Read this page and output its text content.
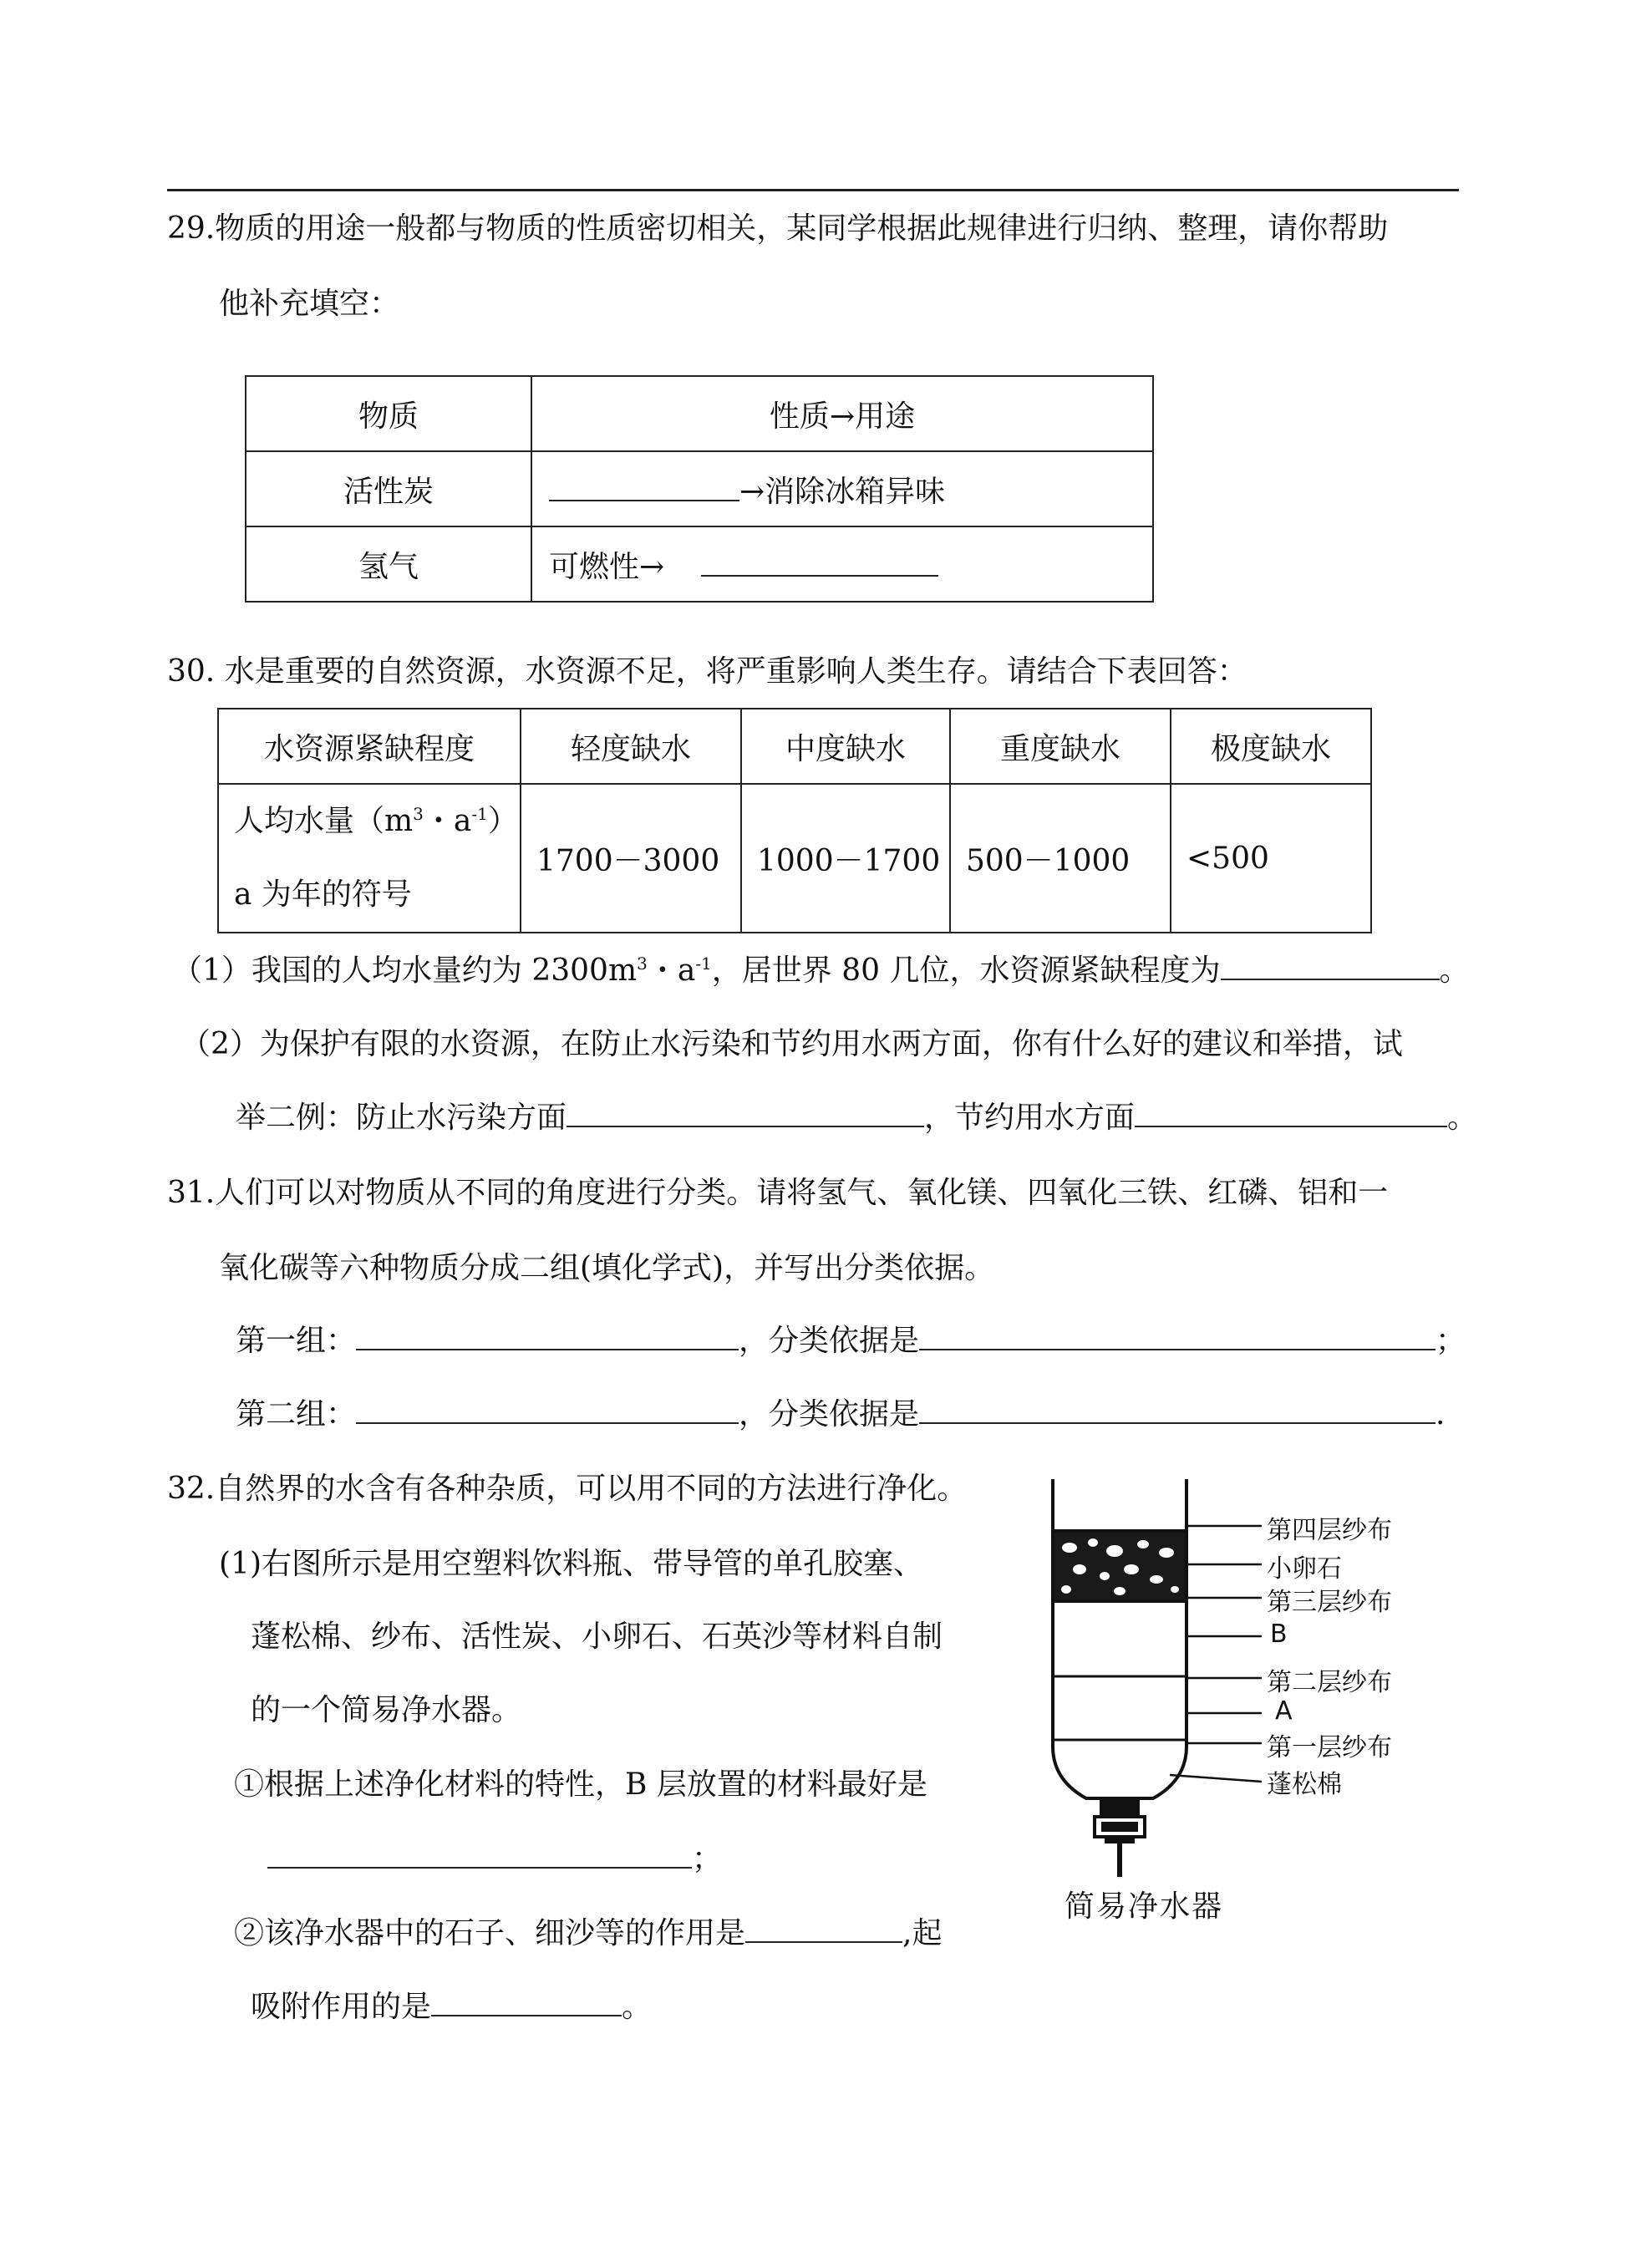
29.物质的用途一般都与物质的性质密切相关，某同学根据此规律进行归纳、整理，请你帮助
他补充填空：
物质	性质→用途
活性炭	→消除冰箱异味
氢气	可燃性→
30. 水是重要的自然资源，水资源不足，将严重影响人类生存。请结合下表回答：
水资源紧缺程度	轻度缺水	中度缺水	重度缺水	极度缺水

人均水量（$m^3$・$a^{-1}$）
a 为年的符号	1700－3000	1000－1700	500－1000	<500
（1）我国的人均水量约为 $2300m^3$・$a^{-1}$，居世界 80 几位，水资源紧缺程度为	。
（2）为保护有限的水资源，在防止水污染和节约用水两方面，你有什么好的建议和举措，试
举二例：防止水污染方面	，节约用水方面	。
31.人们可以对物质从不同的角度进行分类。请将氢气、氧化镁、四氧化三铁、红磷、铝和一
氧化碳等六种物质分成二组(填化学式)，并写出分类依据。
第一组：	，分类依据是	；
第二组：	，分类依据是	.
32.自然界的水含有各种杂质，可以用不同的方法进行净化。
(1)右图所示是用空塑料饮料瓶、带导管的单孔胶塞、
蓬松棉、纱布、活性炭、小卵石、石英沙等材料自制
的一个简易净水器。
①根据上述净化材料的特性，B 层放置的材料最好是
；
②该净水器中的石子、细沙等的作用是	,起
吸附作用的是	。
第四层纱布
小卵石
第三层纱布
B
第二层纱布
A
第一层纱布
蓬松棉
简易净水器
